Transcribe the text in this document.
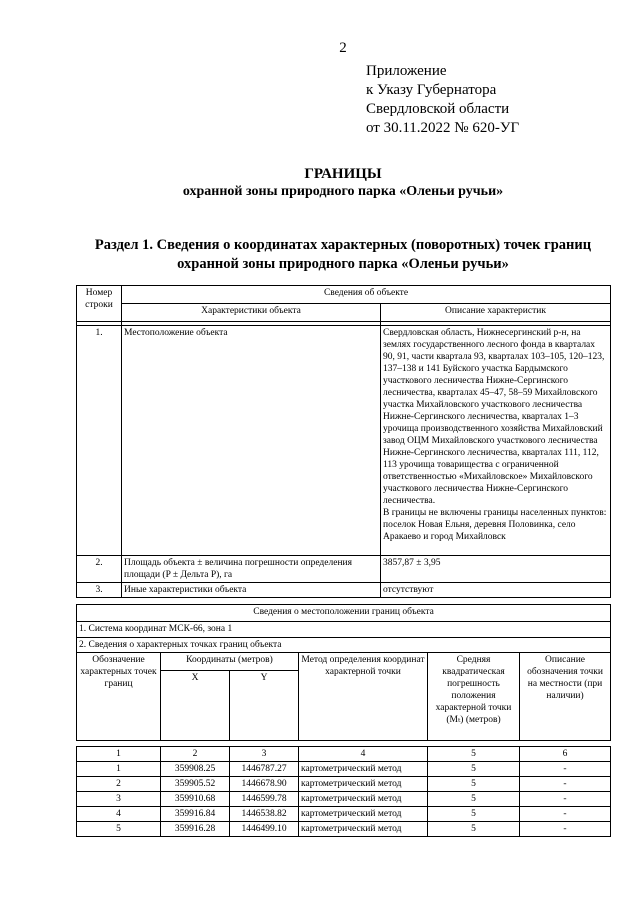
2
Приложение
к Указу Губернатора
Свердловской области
от 30.11.2022 № 620-УГ
ГРАНИЦЫ
охранной зоны природного парка «Оленьи ручьи»
Раздел 1. Сведения о координатах характерных (поворотных) точек границ
охранной зоны природного парка «Оленьи ручьи»
Номер строки	Сведения об объекте	
	Характеристики объекта	Описание характеристик

1.	Местоположение объекта	Свердловская область, Нижнесергинский р-н, на землях государственного лесного фонда в кварталах 90, 91, части квартала 93, кварталах 103–105, 120–123, 137–138 и 141 Буйского участка Бардымского участкового лесничества Нижне-Сергинского лесничества, кварталах 45–47, 58–59 Михайловского участка Михайловского участкового лесничества Нижне-Сергинского лесничества, кварталах 1–3 урочища производственного хозяйства Михайловский завод ОЦМ Михайловского участкового лесничества Нижне-Сергинского лесничества, кварталах 111, 112, 113 урочища товарищества с ограниченной ответственностью «Михайловское» Михайловского участкового лесничества Нижне-Сергинского лесничества.
В границы не включены границы населенных пунктов: поселок Новая Ельня, деревня Половинка, село Аракаево и город Михайловск

2.	Площадь объекта ± величина погрешности определения площади (P ± Дельта P), га	3857,87 ± 3,95
3.	Иные характеристики объекта	отсутствуют
Сведения о местоположении границ объекта					
1. Система координат МСК-66, зона 1					
2. Сведения о характерных точках границ объекта					
Обозначение характерных точек границ	Координаты (метров)		Метод определения координат характерной точки	Средняя квадратическая погрешность положения характерной точки (Mₜ) (метров)	Описание обозначения точки на местности (при наличии)
	X	Y			
1	2	3	4	5	6
1	359908.25	1446787.27	картометрический метод	5	-
2	359905.52	1446678.90	картометрический метод	5	-
3	359910.68	1446599.78	картометрический метод	5	-
4	359916.84	1446538.82	картометрический метод	5	-
5	359916.28	1446499.10	картометрический метод	5	-
